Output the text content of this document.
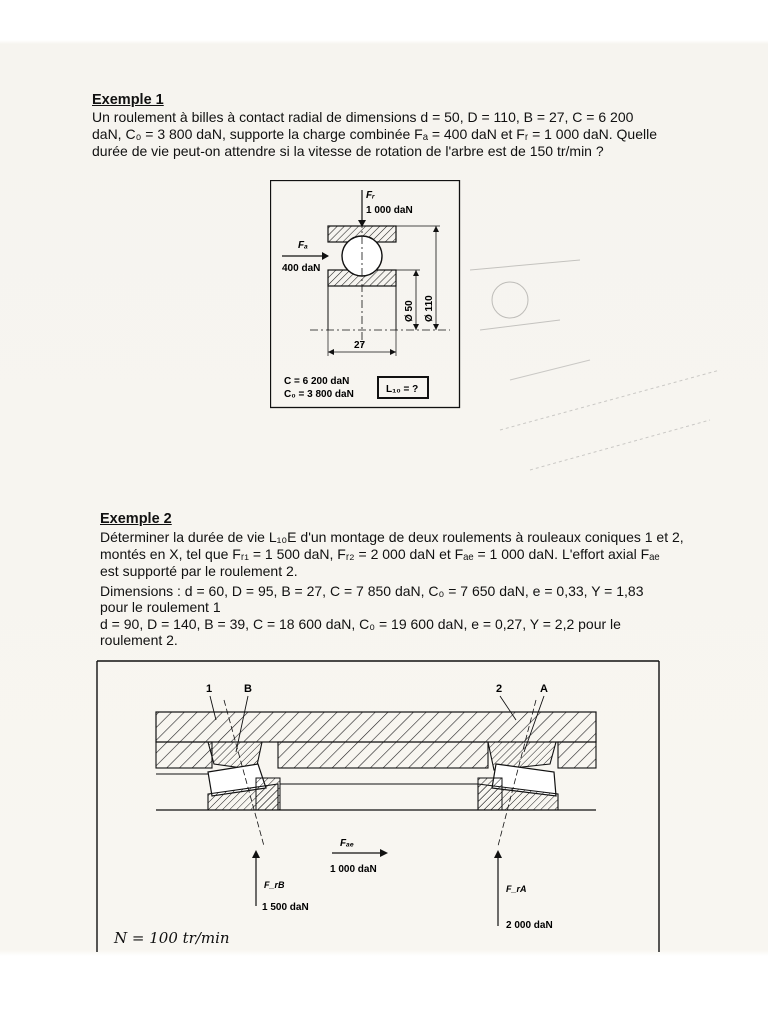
Exemple 1
Un roulement à billes à contact radial de dimensions d = 50, D = 110, B = 27, C = 6 200
daN, C₀ = 3 800 daN, supporte la charge combinée Fₐ = 400 daN et Fᵣ = 1 000 daN. Quelle
durée de vie peut-on attendre si la vitesse de rotation de l'arbre est de 150 tr/min ?
Fᵣ
1 000 daN
Fₐ
400 daN
Ø 50 Ø 110
27
C = 6 200 daN
C₀ = 3 800 daN	L₁₀ = ?
Exemple 2
Déterminer la durée de vie L₁₀E d'un montage de deux roulements à rouleaux coniques 1 et 2,
montés en X, tel que Fᵣ₁ = 1 500 daN, Fᵣ₂ = 2 000 daN et Fₐₑ = 1 000 daN. L'effort axial Fₐₑ
est supporté par le roulement 2.
Dimensions : d = 60, D = 95, B = 27, C = 7 850 daN, C₀ = 7 650 daN, e = 0,33, Y = 1,83
pour le roulement 1
d = 90, D = 140, B = 39, C = 18 600 daN, C₀ = 19 600 daN, e = 0,27, Y = 2,2 pour le
roulement 2.
1	B	2	A
Fₐₑ
1 000 daN
F_rB
1 500 daN
F_rA
2 000 daN
N = 100 tr/min
